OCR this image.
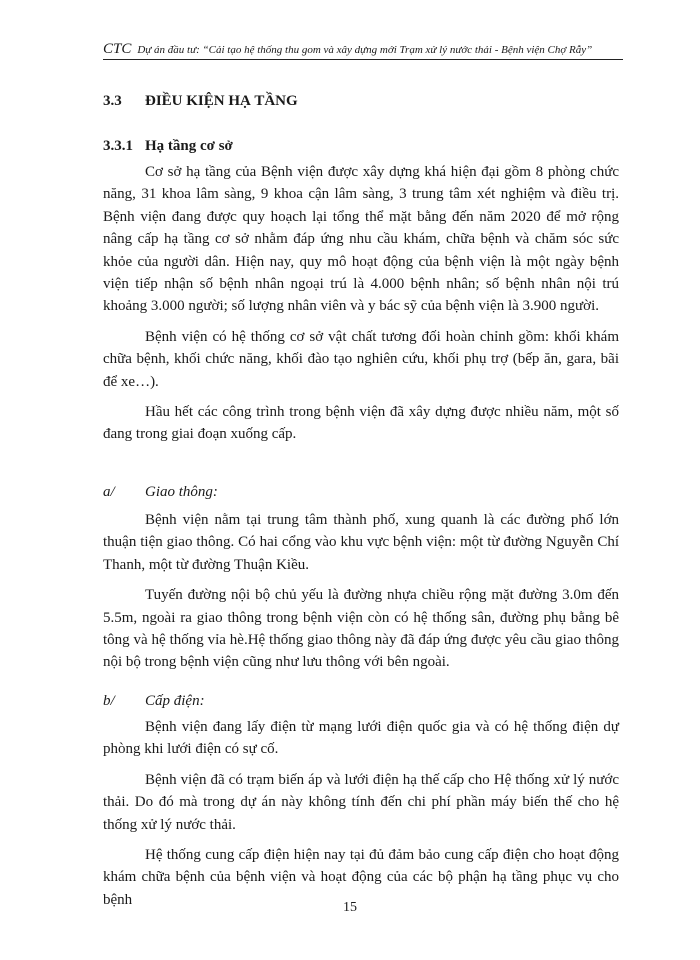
CTC Dự án đầu tư: “Cải tạo hệ thống thu gom và xây dựng mới Trạm xử lý nước thải - Bệnh viện Chợ Rẫy”
3.3 ĐIỀU KIỆN HẠ TẦNG
3.3.1 Hạ tầng cơ sở

Cơ sở hạ tầng của Bệnh viện được xây dựng khá hiện đại gồm 8 phòng chức năng, 31 khoa lâm sàng, 9 khoa cận lâm sàng, 3 trung tâm xét nghiệm và điều trị. Bệnh viện đang được quy hoạch lại tổng thể mặt bằng đến năm 2020 để mở rộng nâng cấp hạ tầng cơ sở nhằm đáp ứng nhu cầu khám, chữa bệnh và chăm sóc sức khỏe của người dân. Hiện nay, quy mô hoạt động của bệnh viện là một ngày bệnh viện tiếp nhận số bệnh nhân ngoại trú là 4.000 bệnh nhân; số bệnh nhân nội trú khoảng 3.000 người; số lượng nhân viên và y bác sỹ của bệnh viện là 3.900 người.

Bệnh viện có hệ thống cơ sở vật chất tương đối hoàn chỉnh gồm: khối khám chữa bệnh, khối chức năng, khối đào tạo nghiên cứu, khối phụ trợ (bếp ăn, gara, bãi để xe…).

Hầu hết các công trình trong bệnh viện đã xây dựng được nhiều năm, một số đang trong giai đoạn xuống cấp.

a/ Giao thông:

Bệnh viện nằm tại trung tâm thành phố, xung quanh là các đường phố lớn thuận tiện giao thông. Có hai cổng vào khu vực bệnh viện: một từ đường Nguyễn Chí Thanh, một từ đường Thuận Kiều.

Tuyến đường nội bộ chủ yếu là đường nhựa chiều rộng mặt đường 3.0m đến 5.5m, ngoài ra giao thông trong bệnh viện còn có hệ thống sân, đường phụ bằng bê tông và hệ thống vỉa hè.Hệ thống giao thông này đã đáp ứng được yêu cầu giao thông nội bộ trong bệnh viện cũng như lưu thông với bên ngoài.

b/ Cấp điện:

Bệnh viện đang lấy điện từ mạng lưới điện quốc gia và có hệ thống điện dự phòng khi lưới điện có sự cố.

Bệnh viện đã có trạm biến áp và lưới điện hạ thế cấp cho Hệ thống xử lý nước thải. Do đó mà trong dự án này không tính đến chi phí phần máy biến thế cho hệ thống xử lý nước thải.

Hệ thống cung cấp điện hiện nay tại đủ đảm bảo cung cấp điện cho hoạt động khám chữa bệnh của bệnh viện và hoạt động của các bộ phận hạ tầng phục vụ cho bệnh	15
